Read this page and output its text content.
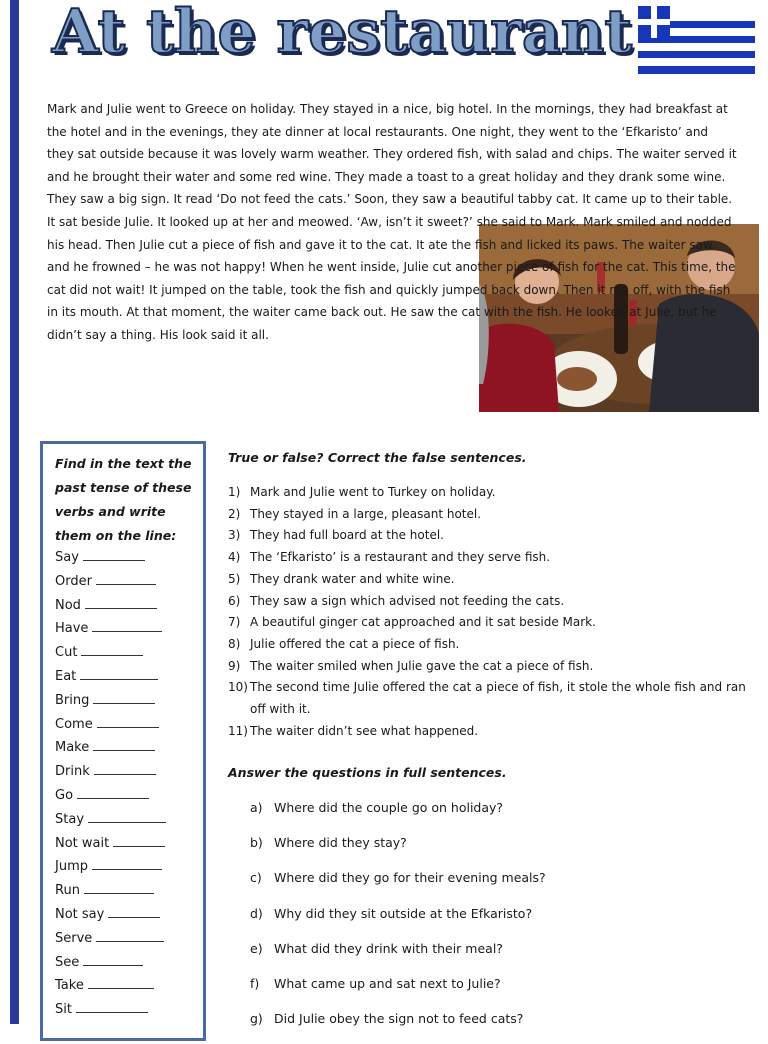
At the restaurant

Mark and Julie went to Greece on holiday. They stayed in a nice, big hotel. In the mornings, they had breakfast at the hotel and in the evenings, they ate dinner at local restaurants. One night, they went to the ‘Efkaristo’ and they sat outside because it was lovely warm weather. They ordered fish, with salad and chips. The waiter served it and he brought their water and some red wine. They made a toast to a great holiday and they drank some wine. They saw a big sign. It read ‘Do not feed the cats.’ Soon, they saw a beautiful tabby cat. It came up to their table. It sat beside Julie. It looked up at her and meowed. ‘Aw, isn’t it sweet?’ she said to Mark. Mark smiled and nodded his head. Then Julie cut a piece of fish and gave it to the cat. It ate the fish and licked its paws. The waiter saw and he frowned – he was not happy! When he went inside, Julie cut another piece of fish for the cat. This time, the cat did not wait! It jumped on the table, took the fish and quickly jumped back down. Then it ran off, with the fish in its mouth. At that moment, the waiter came back out. He saw the cat with the fish. He looked at Julie, but he didn’t say a thing. His look said it all.

Find in the text the past tense of these verbs and write them on the line:
Say
Order
Nod
Have
Cut
Eat
Bring
Come
Make
Drink
Go
Stay
Not wait
Jump
Run
Not say
Serve
See
Take
Sit
True or false? Correct the false sentences.
1) Mark and Julie went to Turkey on holiday.
2) They stayed in a large, pleasant hotel.
3) They had full board at the hotel.
4) The ‘Efkaristo’ is a restaurant and they serve fish.
5) They drank water and white wine.
6) They saw a sign which advised not feeding the cats.
7) A beautiful ginger cat approached and it sat beside Mark.
8) Julie offered the cat a piece of fish.
9) The waiter smiled when Julie gave the cat a piece of fish.
10) The second time Julie offered the cat a piece of fish, it stole the whole fish and ran off with it.
11) The waiter didn’t see what happened.
Answer the questions in full sentences.
a) Where did the couple go on holiday?
b) Where did they stay?
c) Where did they go for their evening meals?
d) Why did they sit outside at the Efkaristo?
e) What did they drink with their meal?
f)	What came up and sat next to Julie?
g) Did Julie obey the sign not to feed cats?
